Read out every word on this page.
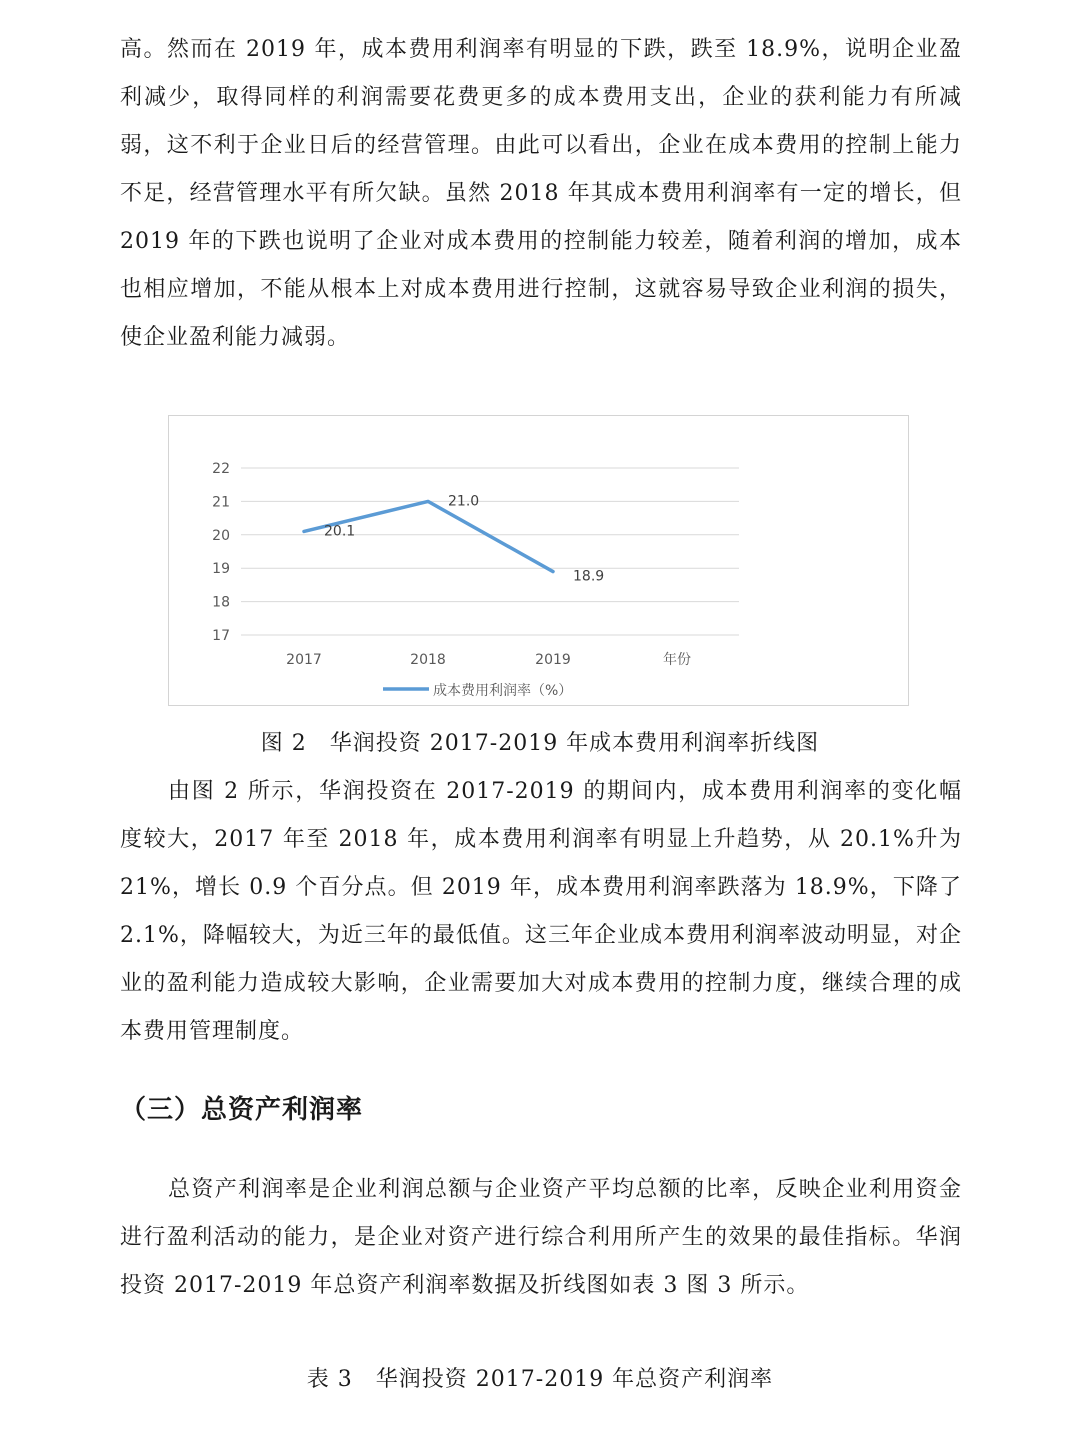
高。然而在 2019 年，成本费用利润率有明显的下跌，跌至 18.9%，说明企业盈利减少，取得同样的利润需要花费更多的成本费用支出，企业的获利能力有所减弱，这不利于企业日后的经营管理。由此可以看出，企业在成本费用的控制上能力不足，经营管理水平有所欠缺。虽然 2018 年其成本费用利润率有一定的增长，但 2019 年的下跌也说明了企业对成本费用的控制能力较差，随着利润的增加，成本也相应增加，不能从根本上对成本费用进行控制，这就容易导致企业利润的损失，使企业盈利能力减弱。

17
18
19
20
21
22
2017	2018	2019	年份
20.1
21.0
18.9
成本费用利润率（%）

图 2　华润投资 2017-2019 年成本费用利润率折线图

由图 2 所示，华润投资在 2017-2019 的期间内，成本费用利润率的变化幅度较大，2017 年至 2018 年，成本费用利润率有明显上升趋势，从 20.1%升为 21%，增长 0.9 个百分点。但 2019 年，成本费用利润率跌落为 18.9%，下降了 2.1%，降幅较大，为近三年的最低值。这三年企业成本费用利润率波动明显，对企业的盈利能力造成较大影响，企业需要加大对成本费用的控制力度，继续合理的成本费用管理制度。

（三）总资产利润率

总资产利润率是企业利润总额与企业资产平均总额的比率，反映企业利用资金进行盈利活动的能力，是企业对资产进行综合利用所产生的效果的最佳指标。华润投资 2017-2019 年总资产利润率数据及折线图如表 3 图 3 所示。

表 3　华润投资 2017-2019 年总资产利润率
